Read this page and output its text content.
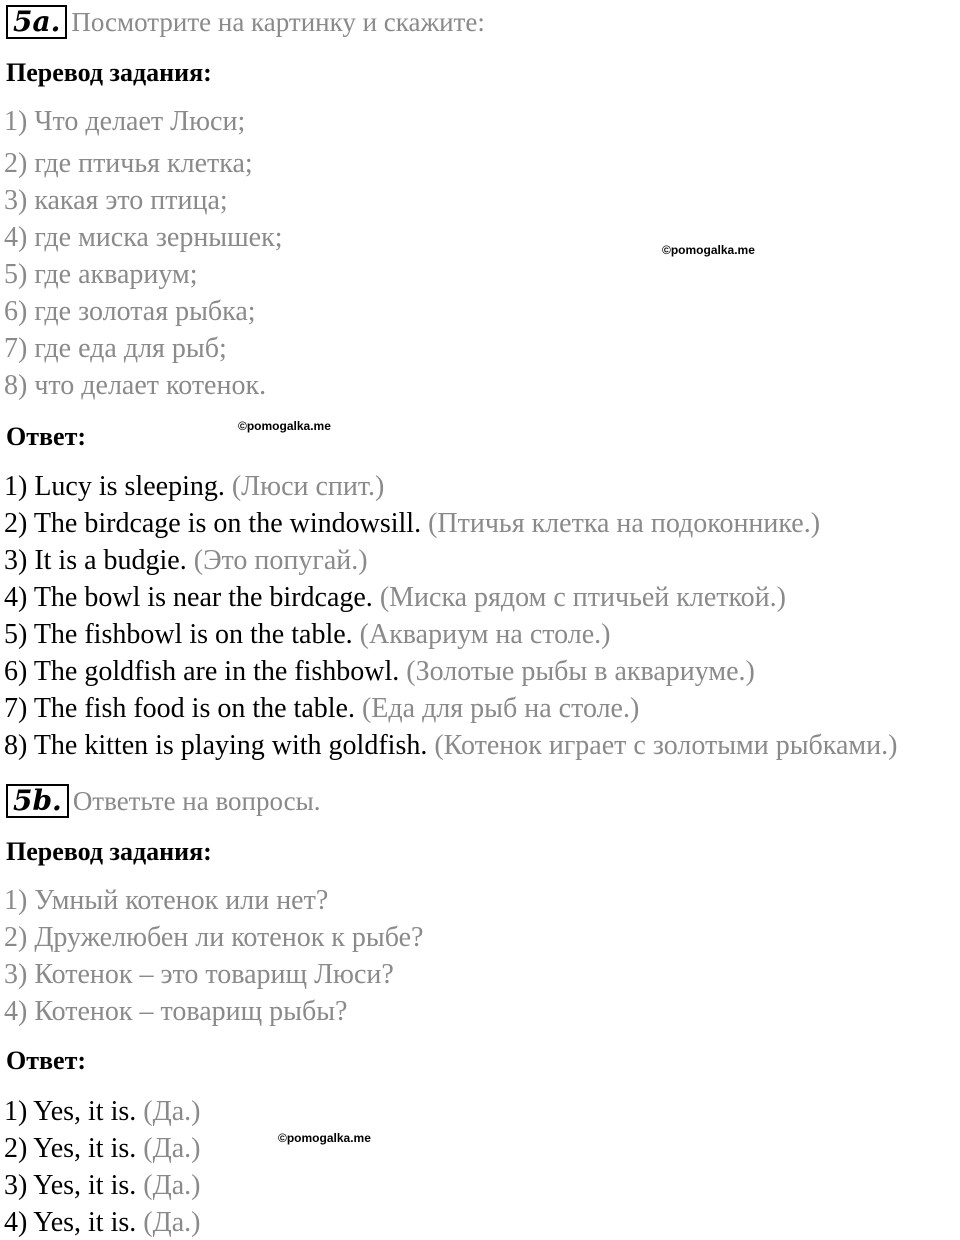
5a. Посмотрите на картинку и скажите:
Перевод задания:
1) Что делает Люси;
2) где птичья клетка;
3) какая это птица;
4) где миска зернышек;
5) где аквариум;
6) где золотая рыбка;
7) где еда для рыб;
8) что делает котенок.
©pomogalka.me
Ответ:	©pomogalka.me
1) Lucy is sleeping. (Люси спит.)
2) The birdcage is on the windowsill. (Птичья клетка на подоконнике.)
3) It is a budgie. (Это попугай.)
4) The bowl is near the birdcage. (Миска рядом с птичьей клеткой.)
5) The fishbowl is on the table. (Аквариум на столе.)
6) The goldfish are in the fishbowl. (Золотые рыбы в аквариуме.)
7) The fish food is on the table. (Еда для рыб на столе.)
8) The kitten is playing with goldfish. (Котенок играет с золотыми рыбками.)
5b. Ответьте на вопросы.
Перевод задания:
1) Умный котенок или нет?
2) Дружелюбен ли котенок к рыбе?
3) Котенок – это товарищ Люси?
4) Котенок – товарищ рыбы?
Ответ:
1) Yes, it is. (Да.)
2) Yes, it is. (Да.)
3) Yes, it is. (Да.)
4) Yes, it is. (Да.)
©pomogalka.me
